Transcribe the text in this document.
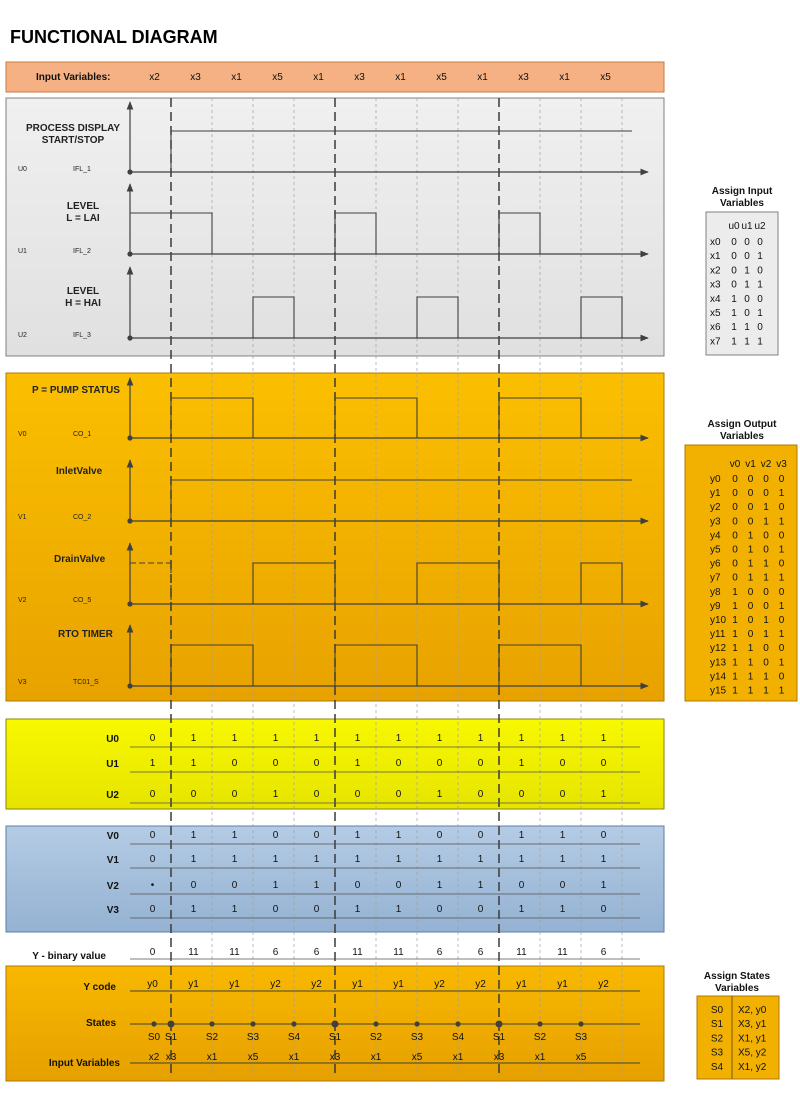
FUNCTIONAL DIAGRAM
Input Variables:	x2	x3	x1	x5	x1	x3	x1	x5	x1	x3	x1	x5
PROCESS DISPLAY
START/STOP
U0	IFL_1
LEVEL
L = LAI
U1	IFL_2
LEVEL
H = HAI
U2	IFL_3
P = PUMP STATUS
V0	CO_1
InletValve
V1	CO_2
DrainValve
V2	CO_5
RTO TIMER
V3	TC01_S
U0	0	1	1	1	1	1	1	1	1	1	1	1
U1	1	1	0	0	0	1	0	0	0	1	0	0
U2	0	0	0	1	0	0	0	1	0	0	0	1
V0	0	1	1	0	0	1	1	0	0	1	1	0
V1	0	1	1	1	1	1	1	1	1	1	1	1
V2	•	0	0	1	1	0	0	1	1	0	0	1
V3	0	1	1	0	0	1	1	0	0	1	1	0
Y - binary value	0	11	11	6	6	11	11	6	6	11	11	6
Y code
States
Input Variables
y0	y1	y1	y2	y2	y1	y1	y2	y2	y1	y1	y2
S0 S1	S2	S3	S4	S1	S2	S3	S4	S1	S2	S3
x2 x3	x1	x5	x1	x3	x1	x5	x1	x3	x1	x5
Assign Input
Variables
u0 u1 u2
x0 0 0 0
x1 0 0 1
x2 0 1 0
x3 0 1 1
x4 1 0 0
x5 1 0 1
x6 1 1 0
x7 1 1 1
Assign Output
Variables
v0 v1 v2 v3
y0 0 0 0 0
y1 0 0 0 1
y2 0 0 1 0
y3 0 0 1 1
y4 0 1 0 0
y5 0 1 0 1
y6 0 1 1 0
y7 0 1 1 1
y8 1 0 0 0
y9 1 0 0 1
y10 1 0 1 0
y11 1 0 1 1
y12 1 1 0 0
y13 1 1 0 1
y14 1 1 1 0
y15 1 1 1 1
Assign States
Variables
S0 X2, y0
S1 X3, y1
S2 X1, y1
S3 X5, y2
S4 X1, y2
